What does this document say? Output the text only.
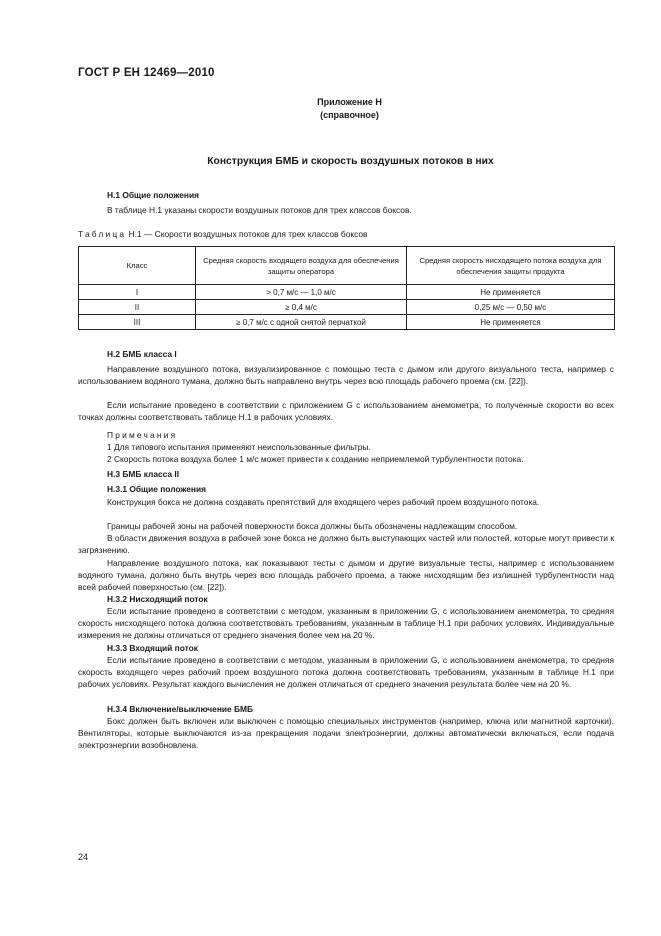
ГОСТ Р ЕН 12469—2010
Приложение Н
(справочное)
Конструкция БМБ и скорость воздушных потоков в них
Н.1 Общие положения
В таблице Н.1 указаны скорости воздушных потоков для трех классов боксов.
Таблица Н.1 — Скорости воздушных потоков для трех классов боксов
Класс	Средняя скорость входящего воздуха для обеспечения защиты оператора	Средняя скорость нисходящего потока воздуха для обеспечения защиты продукта
I	> 0,7 м/с — 1,0 м/с	Не применяется
II	≥ 0,4 м/с	0,25 м/с — 0,50 м/с
III	≥ 0,7 м/с с одной снятой перчаткой	Не применяется
Н.2 БМБ класса I
Направление воздушного потока, визуализированное с помощью теста с дымом или другого визуального теста, например с использованием водяного тумана, должно быть направлено внутрь через всю площадь рабочего проема (см. [22]).
Если испытание проведено в соответствии с приложением G с использованием анемометра, то полученные скорости во всех точках должны соответствовать таблице Н.1 в рабочих условиях.
Примечания
1 Для типового испытания применяют неиспользованные фильтры.
2 Скорость потока воздуха более 1 м/с может привести к созданию неприемлемой турбулентности потока.
Н.3 БМБ класса II
Н.3.1 Общие положения
Конструкция бокса не должна создавать препятствий для входящего через рабочий проем воздушного потока.
Границы рабочей зоны на рабочей поверхности бокса должны быть обозначены надлежащим способом.
В области движения воздуха в рабочей зоне бокса не должно быть выступающих частей или полостей, которые могут привести к загрязнению.
Направление воздушного потока, как показывают тесты с дымом и другие визуальные тесты, например с использованием водяного тумана, должно быть внутрь через всю площадь рабочего проема, а также нисходящим без излишней турбулентности над всей рабочей поверхностью (см. [22]).
Н.3.2 Нисходящий поток
Если испытание проведено в соответствии с методом, указанным в приложении G, с использованием анемометра, то средняя скорость нисходящего потока должна соответствовать требованиям, указанным в таблице Н.1 при рабочих условиях. Индивидуальные измерения не должны отличаться от среднего значения более чем на 20 %.
Н.3.3 Входящий поток
Если испытание проведено в соответствии с методом, указанным в приложении G, с использованием анемометра, то средняя скорость входящего через рабочий проем воздушного потока должна соответствовать требованиям, указанным в таблице Н.1 при рабочих условиях. Результат каждого вычисления не должен отличаться от среднего значения результата более чем на 20 %.
Н.3.4 Включение/выключение БМБ
Бокс должен быть включен или выключен с помощью специальных инструментов (например, ключа или магнитной карточки). Вентиляторы, которые выключаются из-за прекращения подачи электроэнергии, должны автоматически включаться, если подача электроэнергии возобновлена.
24
